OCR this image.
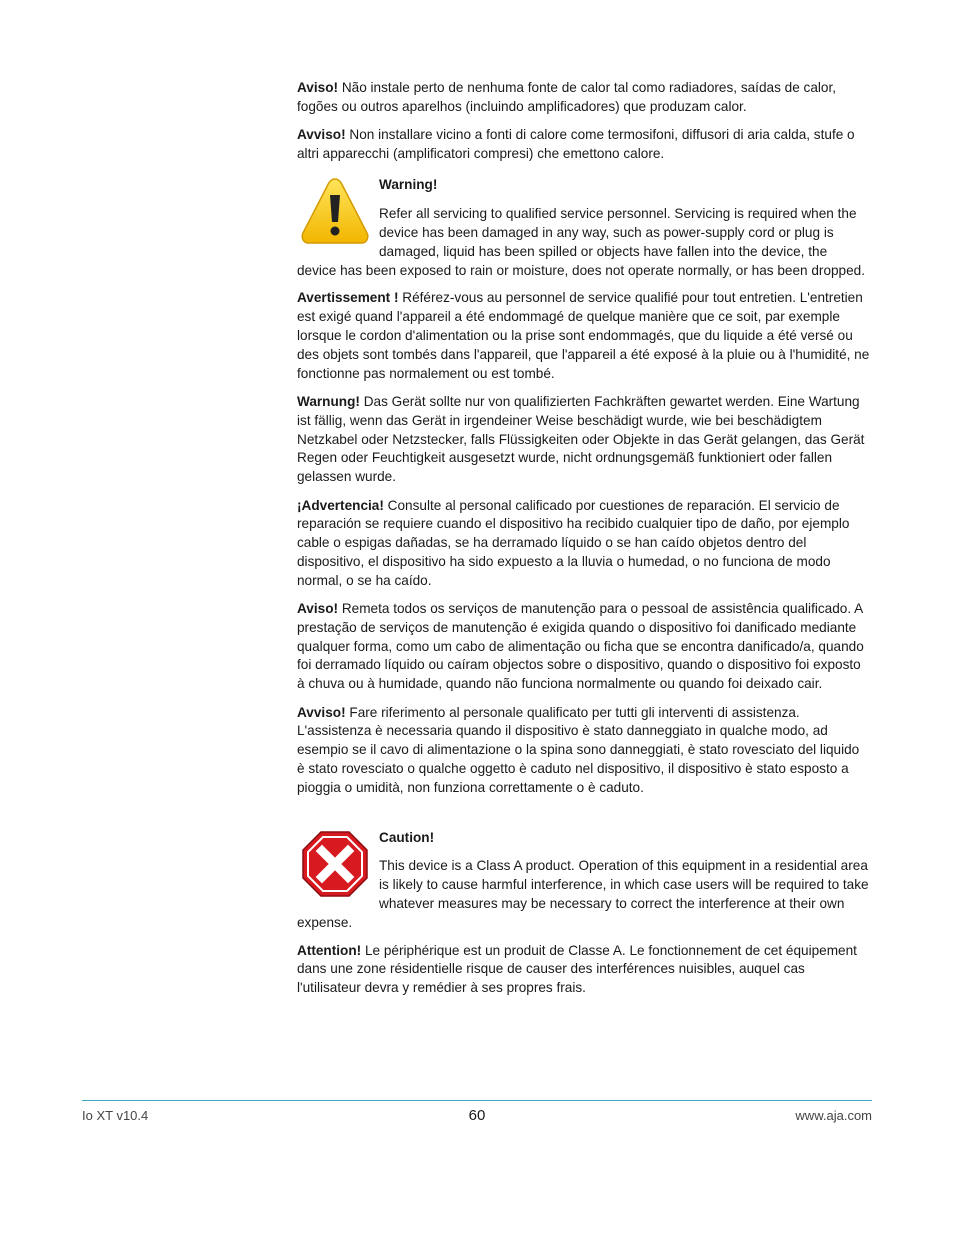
Aviso! Não instale perto de nenhuma fonte de calor tal como radiadores, saídas de calor, fogões ou outros aparelhos (incluindo amplificadores) que produzam calor.

Avviso! Non installare vicino a fonti di calore come termosifoni, diffusori di aria calda, stufe o altri apparecchi (amplificatori compresi) che emettono calore.

Warning!

Refer all servicing to qualified service personnel. Servicing is required when the device has been damaged in any way, such as power-supply cord or plug is damaged, liquid has been spilled or objects have fallen into the device, the device has been exposed to rain or moisture, does not operate normally, or has been dropped.

Avertissement ! Référez-vous au personnel de service qualifié pour tout entretien. L'entretien est exigé quand l'appareil a été endommagé de quelque manière que ce soit, par exemple lorsque le cordon d'alimentation ou la prise sont endommagés, que du liquide a été versé ou des objets sont tombés dans l'appareil, que l'appareil a été exposé à la pluie ou à l'humidité, ne fonctionne pas normalement ou est tombé.

Warnung! Das Gerät sollte nur von qualifizierten Fachkräften gewartet werden. Eine Wartung ist fällig, wenn das Gerät in irgendeiner Weise beschädigt wurde, wie bei beschädigtem Netzkabel oder Netzstecker, falls Flüssigkeiten oder Objekte in das Gerät gelangen, das Gerät Regen oder Feuchtigkeit ausgesetzt wurde, nicht ordnungsgemäß funktioniert oder fallen gelassen wurde.

¡Advertencia! Consulte al personal calificado por cuestiones de reparación. El servicio de reparación se requiere cuando el dispositivo ha recibido cualquier tipo de daño, por ejemplo cable o espigas dañadas, se ha derramado líquido o se han caído objetos dentro del dispositivo, el dispositivo ha sido expuesto a la lluvia o humedad, o no funciona de modo normal, o se ha caído.

Aviso! Remeta todos os serviços de manutenção para o pessoal de assistência qualificado. A prestação de serviços de manutenção é exigida quando o dispositivo foi danificado mediante qualquer forma, como um cabo de alimentação ou ficha que se encontra danificado/a, quando foi derramado líquido ou caíram objectos sobre o dispositivo, quando o dispositivo foi exposto à chuva ou à humidade, quando não funciona normalmente ou quando foi deixado cair.

Avviso! Fare riferimento al personale qualificato per tutti gli interventi di assistenza. L'assistenza è necessaria quando il dispositivo è stato danneggiato in qualche modo, ad esempio se il cavo di alimentazione o la spina sono danneggiati, è stato rovesciato del liquido è stato rovesciato o qualche oggetto è caduto nel dispositivo, il dispositivo è stato esposto a pioggia o umidità, non funziona correttamente o è caduto.

Caution!

This device is a Class A product. Operation of this equipment in a residential area is likely to cause harmful interference, in which case users will be required to take whatever measures may be necessary to correct the interference at their own expense.

Attention! Le périphérique est un produit de Classe A. Le fonctionnement de cet équipement dans une zone résidentielle risque de causer des interférences nuisibles, auquel cas l'utilisateur devra y remédier à ses propres frais.

Io XT v10.4	60	www.aja.com
